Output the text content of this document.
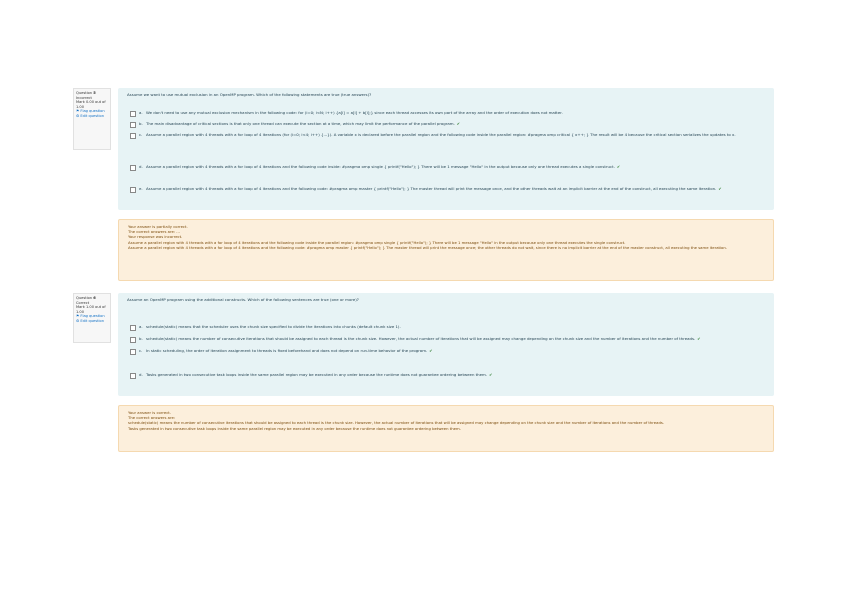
Question 5
Incorrect
Mark 0.00 out of 1.00
⚑ Flag question
⚙ Edit question
Assume we want to use mutual exclusion in an OpenMP program. Which of the following statements are true (true answers)?
a. We don't need to use any mutual exclusion mechanism in the following code: for (i=0; i<N; i++) {a[i] = a[i] + b[i];} since each thread accesses its own part of the array and the order of execution does not matter.
b. The main disadvantage of critical sections is that only one thread can execute the section at a time, which may limit the performance of the parallel program. ✔
c. Assume a parallel region with 4 threads with a for loop of 4 iterations (for (i=0; i<4; i++) {...}). A variable x is declared before the parallel region and the following code inside the parallel region: #pragma omp critical { x++; } The result will be 4 because the critical section serializes the updates to x.
d. Assume a parallel region with 4 threads with a for loop of 4 iterations and the following code inside: #pragma omp single { printf("Hello"); } There will be 1 message "Hello" in the output because only one thread executes a single construct. ✔
e. Assume a parallel region with 4 threads with a for loop of 4 iterations and the following code: #pragma omp master { printf("Hello"); } The master thread will print the message once, and the other threads wait at an implicit barrier at the end of the construct, all executing the same iteration. ✔
Your answer is partially correct.
The correct answers are: ...
Your response was incorrect.
Assume a parallel region with 4 threads with a for loop of 4 iterations and the following code inside the parallel region: #pragma omp single { printf("Hello"); } There will be 1 message "Hello" in the output because only one thread executes the single construct.
Assume a parallel region with 4 threads with a for loop of 4 iterations and the following code: #pragma omp master { printf("Hello"); } The master thread will print the message once; the other threads do not wait, since there is no implicit barrier at the end of the master construct, all executing the same iteration.
Question 6
Correct
Mark 1.00 out of 1.00
⚑ Flag question
⚙ Edit question
Assume an OpenMP program using the additional constructs. Which of the following sentences are true (one or more)?
a. schedule(static) means that the scheduler uses the chunk size specified to divide the iterations into chunks (default chunk size 1).
b. schedule(static) means the number of consecutive iterations that should be assigned to each thread is the chunk size. However, the actual number of iterations that will be assigned may change depending on the chunk size and the number of iterations and the number of threads. ✔
c. In static scheduling, the order of iteration assignment to threads is fixed beforehand and does not depend on run-time behavior of the program. ✔
d. Tasks generated in two consecutive task loops inside the same parallel region may be executed in any order because the runtime does not guarantee ordering between them. ✔
Your answer is correct.
The correct answers are:
schedule(static) means the number of consecutive iterations that should be assigned to each thread is the chunk size. However, the actual number of iterations that will be assigned may change depending on the chunk size and the number of iterations and the number of threads.
Tasks generated in two consecutive task loops inside the same parallel region may be executed in any order because the runtime does not guarantee ordering between them.
